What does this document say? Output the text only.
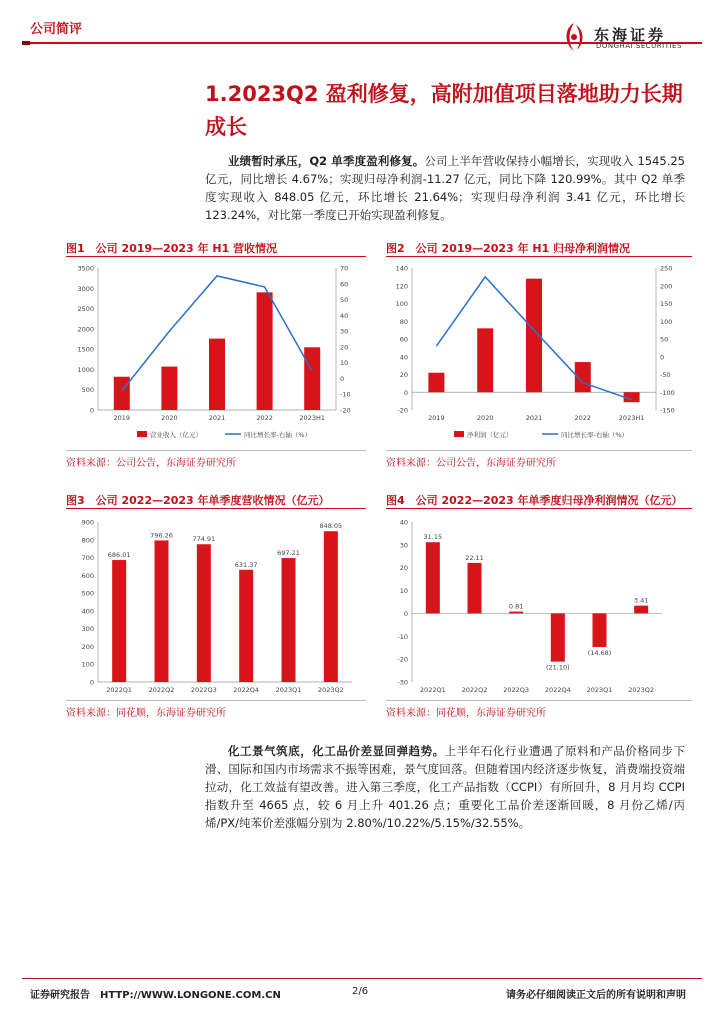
公司简评	东海证券
DONGHAI SECURITIES
1.2023Q2 盈利修复，高附加值项目落地助力长期成长
业绩暂时承压，Q2 单季度盈利修复。公司上半年营收保持小幅增长，实现收入 1545.25 亿元，同比增长 4.67%；实现归母净利润-11.27 亿元，同比下降 120.99%。其中 Q2 单季度实现收入 848.05 亿元，环比增长 21.64%；实现归母净利润 3.41 亿元，环比增长 123.24%，对比第一季度已开始实现盈利修复。
图1　公司 2019—2023 年 H1 营收情况
0
500
1000
1500
2000
2500
3000
3500
-20
-10
0
10
20
30
40
50
60
70
2019	2020	2021	2022	2023H1
营业收入（亿元）	同比增长率-右轴（%）
资料来源：公司公告，东海证券研究所
图2　公司 2019—2023 年 H1 归母净利润情况
-20
0
20
40
60
80
100
120
140
-150
-100
-50
0
50
100
150
200
250
2019	2020	2021	2022	2023H1
净利润（亿元）	同比增长率-右轴（%）
资料来源：公司公告，东海证券研究所
图3　公司 2022—2023 年单季度营收情况（亿元）
0
100
200
300
400
500
600
700
800
900
2022Q1
686.01
2022Q2
796.26
2022Q3
774.91
2022Q4
631.37
2023Q1
697.21
2023Q2
848.05
资料来源：同花顺，东海证券研究所
图4　公司 2022—2023 年单季度归母净利润情况（亿元）
-30
-20
-10
0
10
20
30
40
2022Q1
31.15
2022Q2
22.11
2022Q3
0.81
2022Q4
(21.10)
2023Q1
(14.68)
2023Q2
3.41
资料来源：同花顺，东海证券研究所
化工景气筑底，化工品价差显回弹趋势。上半年石化行业遭遇了原料和产品价格同步下滑、国际和国内市场需求不振等困难，景气度回落。但随着国内经济逐步恢复，消费端投资端拉动，化工效益有望改善。进入第三季度，化工产品指数（CCPI）有所回升，8 月月均 CCPI 指数升至 4665 点，较 6 月上升 401.26 点；重要化工品价差逐渐回暖，8 月份乙烯/丙烯/PX/纯苯价差涨幅分别为 2.80%/10.22%/5.15%/32.55%。
证券研究报告　HTTP://WWW.LONGONE.COM.CN	2/6	请务必仔细阅读正文后的所有说明和声明
